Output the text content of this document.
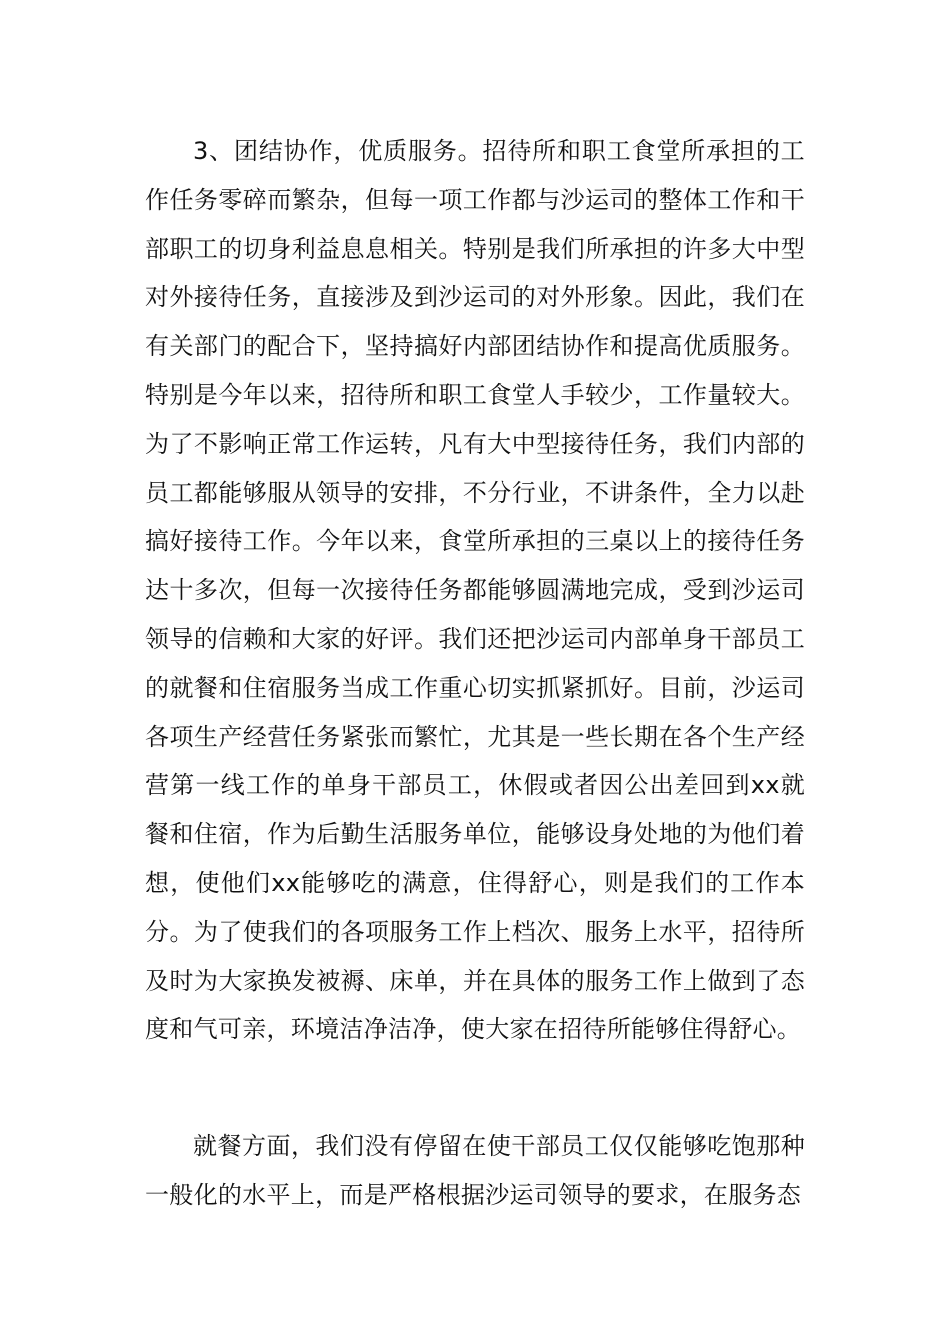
3、团结协作，优质服务。招待所和职工食堂所承担的工作任务零碎而繁杂，但每一项工作都与沙运司的整体工作和干部职工的切身利益息息相关。特别是我们所承担的许多大中型对外接待任务，直接涉及到沙运司的对外形象。因此，我们在有关部门的配合下，坚持搞好内部团结协作和提高优质服务。特别是今年以来，招待所和职工食堂人手较少，工作量较大。为了不影响正常工作运转，凡有大中型接待任务，我们内部的员工都能够服从领导的安排，不分行业，不讲条件，全力以赴搞好接待工作。今年以来，食堂所承担的三桌以上的接待任务达十多次，但每一次接待任务都能够圆满地完成，受到沙运司领导的信赖和大家的好评。我们还把沙运司内部单身干部员工的就餐和住宿服务当成工作重心切实抓紧抓好。目前，沙运司各项生产经营任务紧张而繁忙，尤其是一些长期在各个生产经营第一线工作的单身干部员工，休假或者因公出差回到xx就餐和住宿，作为后勤生活服务单位，能够设身处地的为他们着想，使他们xx能够吃的满意，住得舒心，则是我们的工作本分。为了使我们的各项服务工作上档次、服务上水平，招待所及时为大家换发被褥、床单，并在具体的服务工作上做到了态度和气可亲，环境洁净洁净，使大家在招待所能够住得舒心。

就餐方面，我们没有停留在使干部员工仅仅能够吃饱那种一般化的水平上，而是严格根据沙运司领导的要求，在服务态
